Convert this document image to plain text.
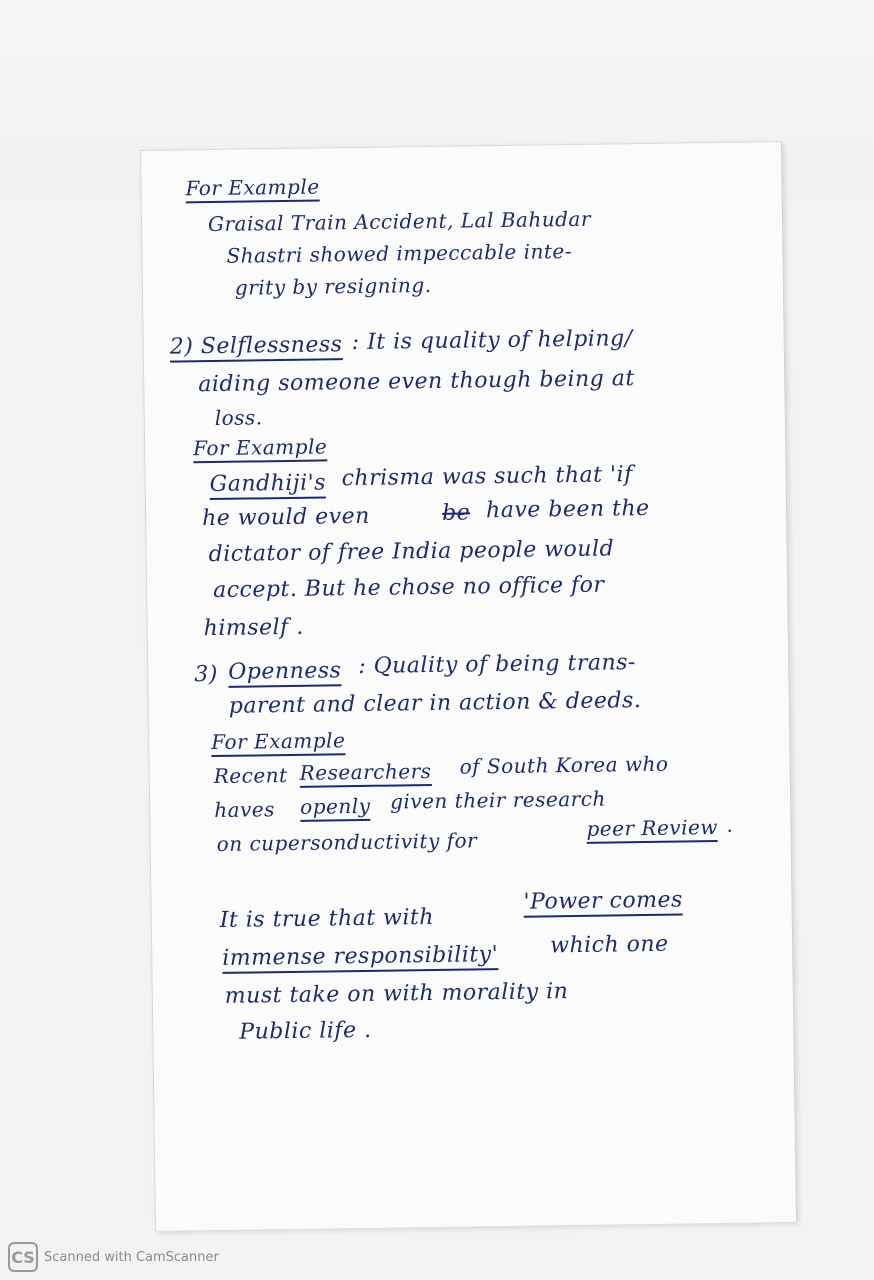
For Example
Graisal Train Accident, Lal Bahudar
Shastri showed impeccable inte-
grity by resigning.
2) Selflessness : It is quality of helping/
aiding someone even though being at
loss.
For Example
Gandhiji's chrisma was such that 'if
he would even	be have been the
dictator of free India people would
accept. But he chose no office for
himself .
3) Openness : Quality of being trans-
parent and clear in action & deeds.
For Example
Recent Researchers of South Korea who
haves openly given their research
on cupersonductivity for
peer Review .
It is true that with
'Power comes
immense responsibility' which one
must take on with morality in
Public life .
CS Scanned with CamScanner
